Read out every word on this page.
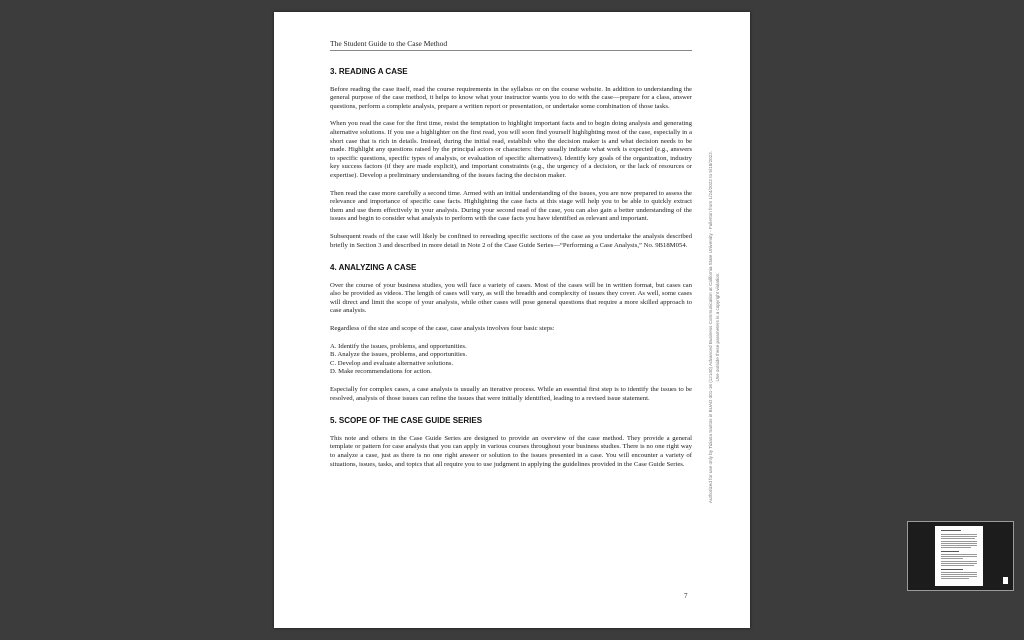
The Student Guide to the Case Method
3. READING A CASE

Before reading the case itself, read the course requirements in the syllabus or on the course website. In addition to understanding the general purpose of the case method, it helps to know what your instructor wants you to do with the case—prepare for a class, answer questions, perform a complete analysis, prepare a written report or presentation, or undertake some combination of those tasks.

When you read the case for the first time, resist the temptation to highlight important facts and to begin doing analysis and generating alternative solutions. If you use a highlighter on the first read, you will soon find yourself highlighting most of the case, especially in a short case that is rich in details. Instead, during the initial read, establish who the decision maker is and what decision needs to be made. Highlight any questions raised by the principal actors or characters: they usually indicate what work is expected (e.g., answers to specific questions, specific types of analysis, or evaluation of specific alternatives). Identify key goals of the organization, industry key success factors (if they are made explicit), and important constraints (e.g., the urgency of a decision, or the lack of resources or expertise). Develop a preliminary understanding of the issues facing the decision maker.

Then read the case more carefully a second time. Armed with an initial understanding of the issues, you are now prepared to assess the relevance and importance of specific case facts. Highlighting the case facts at this stage will help you to be able to quickly extract them and use them effectively in your analysis. During your second read of the case, you can also gain a better understanding of the issues and begin to consider what analysis to perform with the case facts you have identified as relevant and important.

Subsequent reads of the case will likely be confined to rereading specific sections of the case as you undertake the analysis described briefly in Section 3 and described in more detail in Note 2 of the Case Guide Series—“Performing a Case Analysis,” No. 9B18M054.

4. ANALYZING A CASE

Over the course of your business studies, you will face a variety of cases. Most of the cases will be in written format, but cases can also be provided as videos. The length of cases will vary, as will the breadth and complexity of issues they cover. As well, some cases will direct and limit the scope of your analysis, while other cases will pose general questions that require a more skilled approach to case analysis.

Regardless of the size and scope of the case, case analysis involves four basic steps:

A. Identify the issues, problems, and opportunities.
B. Analyze the issues, problems, and opportunities.
C. Develop and evaluate alternative solutions.
D. Make recommendations for action.

Especially for complex cases, a case analysis is usually an iterative process. While an essential first step is to identify the issues to be resolved, analysis of those issues can refine the issues that were initially identified, leading to a revised issue statement.

5. SCOPE OF THE CASE GUIDE SERIES

This note and others in the Case Guide Series are designed to provide an overview of the case method. They provide a general template or pattern for case analysis that you can apply in various courses throughout your business studies. There is no one right way to analyze a case, just as there is no one right answer or solution to the issues presented in a case. You will encounter a variety of situations, issues, tasks, and topics that all require you to use judgment in applying the guidelines provided in the Case Guide Series.

7
Authorized for use only by Tiziana Santos in BUAD 301-16 (12140) Advanced Business Communication at California State University - Fullerton from 1/24/2022 to 5/18/2022. Use outside these parameters is a copyright violation.
